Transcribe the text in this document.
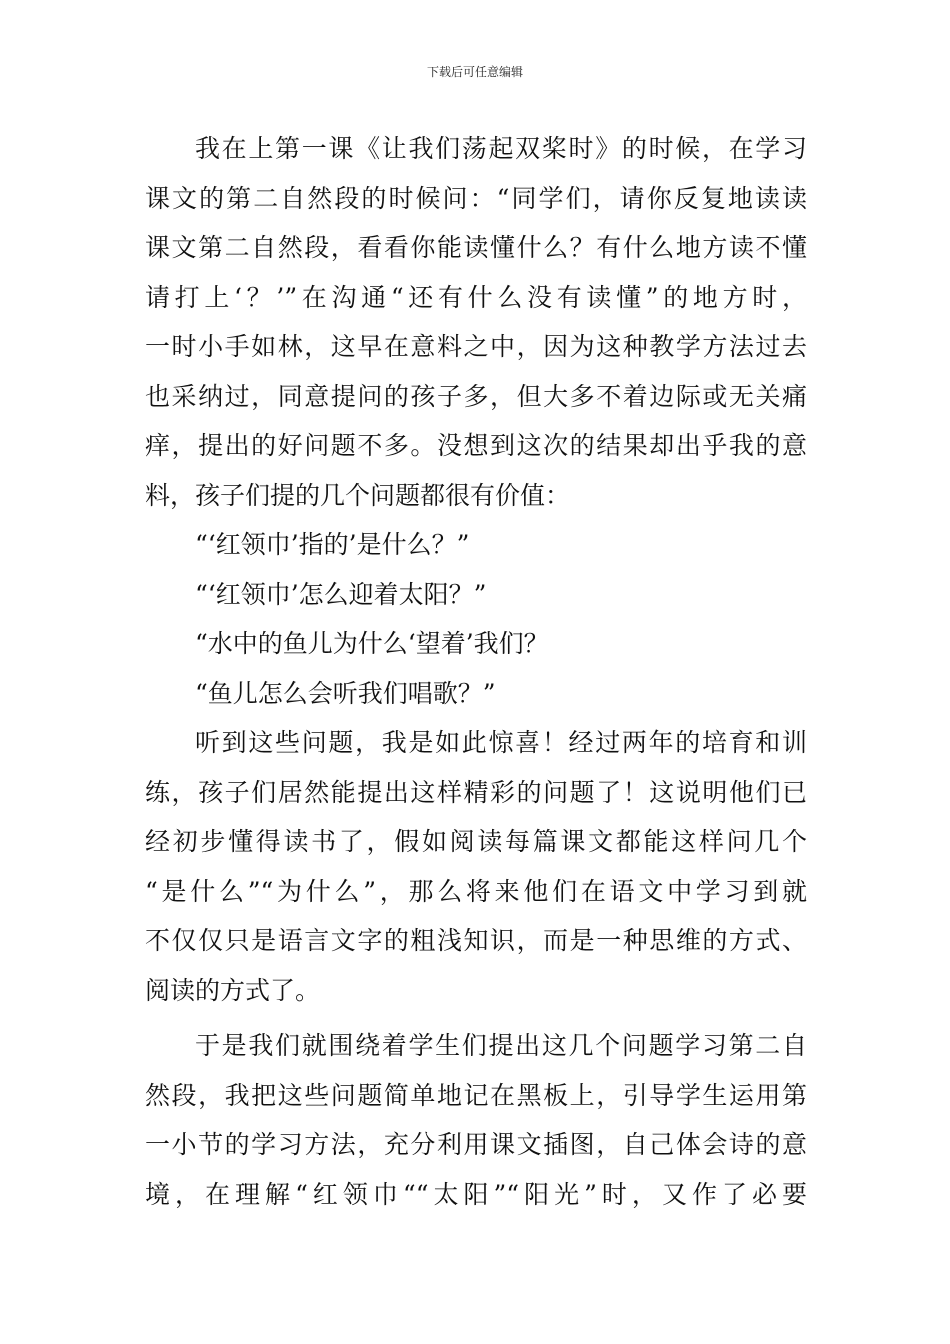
下载后可任意编辑
我在上第一课《让我们荡起双桨时》的时候，在学习
课文的第二自然段的时候问：“同学们，请你反复地读读
课文第二自然段，看看你能读懂什么？有什么地方读不懂
请打上‘？’”在沟通“还有什么没有读懂”的地方时，
一时小手如林，这早在意料之中，因为这种教学方法过去
也采纳过，同意提问的孩子多，但大多不着边际或无关痛
痒，提出的好问题不多。没想到这次的结果却出乎我的意
料，孩子们提的几个问题都很有价值：
“‘红领巾’指的’是什么？”
“‘红领巾’怎么迎着太阳？”
“水中的鱼儿为什么‘望着’我们？
“鱼儿怎么会听我们唱歌？”
听到这些问题，我是如此惊喜！经过两年的培育和训
练，孩子们居然能提出这样精彩的问题了！这说明他们已
经初步懂得读书了，假如阅读每篇课文都能这样问几个
“是什么”“为什么”，那么将来他们在语文中学习到就
不仅仅只是语言文字的粗浅知识，而是一种思维的方式、
阅读的方式了。
于是我们就围绕着学生们提出这几个问题学习第二自
然段，我把这些问题简单地记在黑板上，引导学生运用第
一小节的学习方法，充分利用课文插图，自己体会诗的意
境，在理解“红领巾““太阳”“阳光”时，又作了必要
